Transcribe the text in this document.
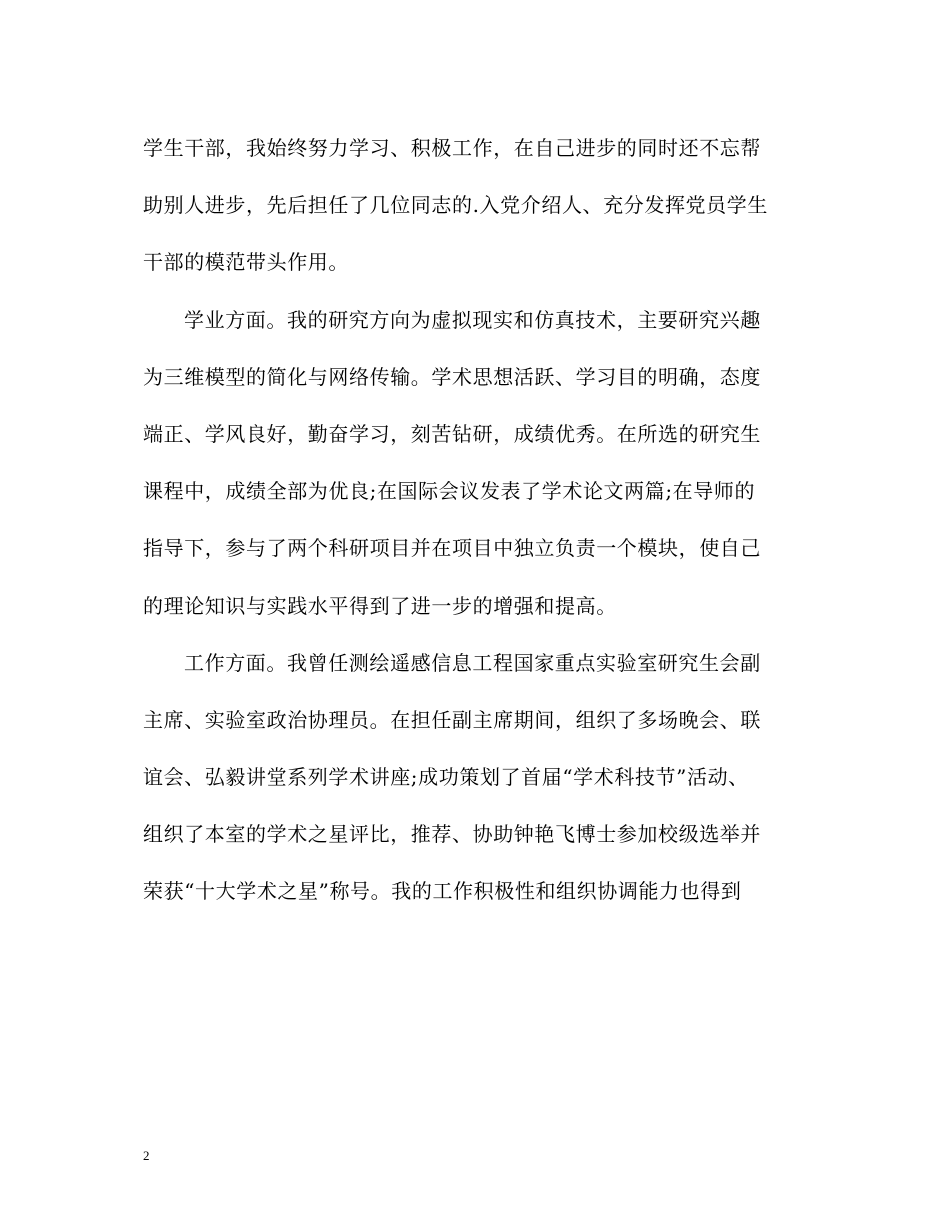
学生干部，我始终努力学习、积极工作，在自己进步的同时还不忘帮
助别人进步，先后担任了几位同志的.入党介绍人、充分发挥党员学生
干部的模范带头作用。
学业方面。我的研究方向为虚拟现实和仿真技术，主要研究兴趣
为三维模型的简化与网络传输。学术思想活跃、学习目的明确，态度
端正、学风良好，勤奋学习，刻苦钻研，成绩优秀。在所选的研究生
课程中，成绩全部为优良;在国际会议发表了学术论文两篇;在导师的
指导下，参与了两个科研项目并在项目中独立负责一个模块，使自己
的理论知识与实践水平得到了进一步的增强和提高。
工作方面。我曾任测绘遥感信息工程国家重点实验室研究生会副
主席、实验室政治协理员。在担任副主席期间，组织了多场晚会、联
谊会、弘毅讲堂系列学术讲座;成功策划了首届“学术科技节”活动、
组织了本室的学术之星评比，推荐、协助钟艳飞博士参加校级选举并
荣获“十大学术之星”称号。我的工作积极性和组织协调能力也得到
2
